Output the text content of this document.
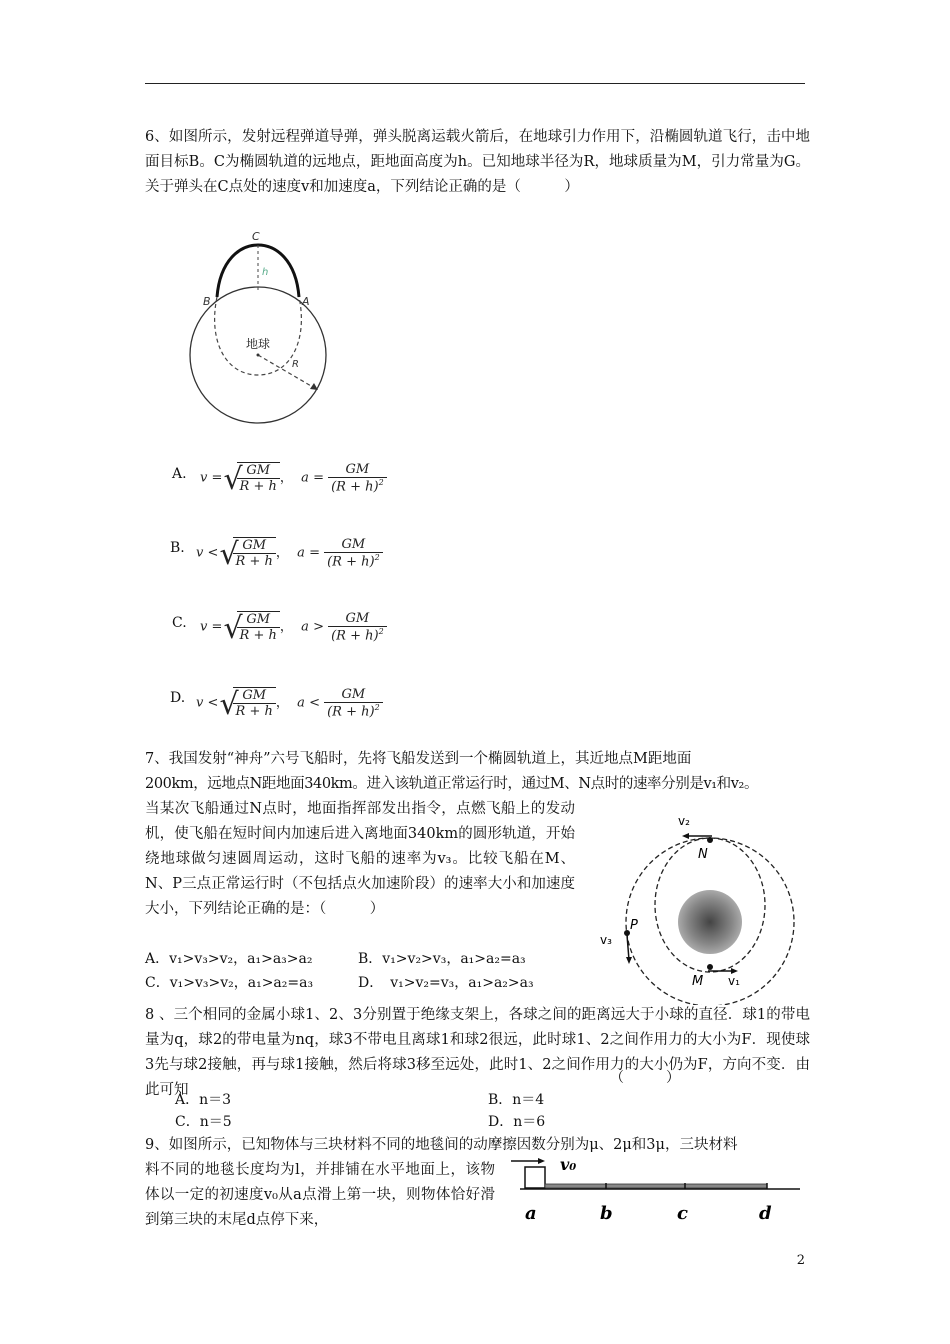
6、如图所示，发射远程弹道导弹，弹头脱离运载火箭后，在地球引力作用下，沿椭圆轨道飞行，击中地面目标B。C为椭圆轨道的远地点，距地面高度为h。已知地球半径为R，地球质量为M，引力常量为G。关于弹头在C点处的速度v和加速度a，下列结论正确的是（　　　）

C
B	A
h
地球
R
A. v = √ $\frac{GM}{R + h}$ ， $a = \frac{GM}{(R + h)^2}$
B. v < √ $\frac{GM}{R + h}$ ， $a = \frac{GM}{(R + h)^2}$
C. v = √ $\frac{GM}{R + h}$ ， $a > \frac{GM}{(R + h)^2}$
D. v < √ $\frac{GM}{R + h}$ ， $a < \frac{GM}{(R + h)^2}$

7、我国发射“神舟”六号飞船时，先将飞船发送到一个椭圆轨道上，其近地点M距地面

200km，远地点N距地面340km。进入该轨道正常运行时，通过M、N点时的速率分别是v₁和v₂。

当某次飞船通过N点时，地面指挥部发出指令，点燃飞船上的发动机，使飞船在短时间内加速后进入离地面340km的圆形轨道，开始绕地球做匀速圆周运动，这时飞船的速率为v₃。比较飞船在M、N、P三点正常运行时（不包括点火加速阶段）的速率大小和加速度大小，下列结论正确的是：（　　　）

A．v₁>v₃>v₂，a₁>a₃>a₂	B．v₁>v₂>v₃，a₁>a₂=a₃
C．v₁>v₃>v₂，a₁>a₂=a₃	D．　v₁>v₂=v₃，a₁>a₂>a₃
v₂
N
P
v₃
M v₁

8 、三个相同的金属小球1、2、3分别置于绝缘支架上，各球之间的距离远大于小球的直径．球1的带电量为q，球2的带电量为nq，球3不带电且离球1和球2很远，此时球1、2之间作用力的大小为F．现使球3先与球2接触，再与球1接触，然后将球3移至远处，此时1、2之间作用力的大小仍为F，方向不变．由此可知

（　　　）
A．n＝3	B．n＝4
C．n＝5	D．n＝6

9、如图所示，已知物体与三块材料不同的地毯间的动摩擦因数分别为μ、2μ和3μ，三块材料

料不同的地毯长度均为l，并排铺在水平地面上，该物体以一定的初速度v₀从a点滑上第一块，则物体恰好滑到第三块的末尾d点停下来，

v₀
a	b	c	d
2
